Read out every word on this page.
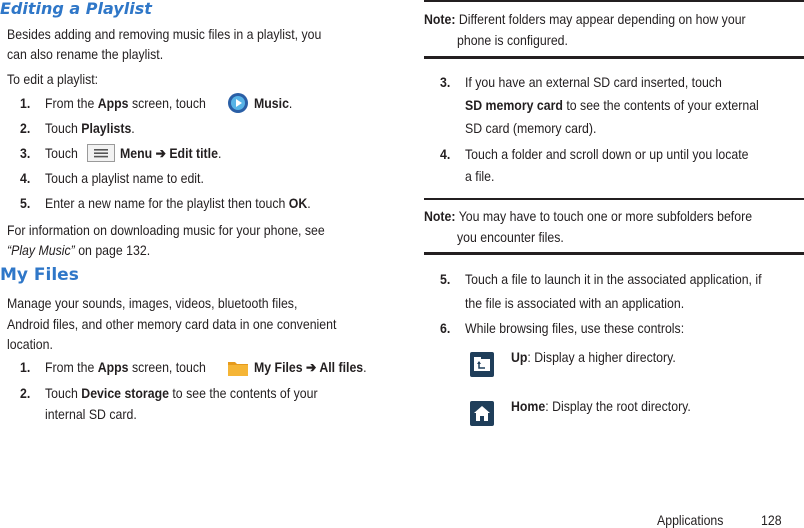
Editing a Playlist
Besides adding and removing music files in a playlist, you
can also rename the playlist.
To edit a playlist:
1. From the Apps screen, touch	Music.
2. Touch Playlists.
3. Touch	Menu ➔ Edit title.
4. Touch a playlist name to edit.
5. Enter a new name for the playlist then touch OK.
For information on downloading music for your phone, see
“Play Music” on page 132.
My Files
Manage your sounds, images, videos, bluetooth files,
Android files, and other memory card data in one convenient
location.
1. From the Apps screen, touch	My Files ➔ All files.
2. Touch Device storage to see the contents of your
internal SD card.
Note: Different folders may appear depending on how your
phone is configured.
3. If you have an external SD card inserted, touch
SD memory card to see the contents of your external
SD card (memory card).
4. Touch a folder and scroll down or up until you locate
a file.
Note: You may have to touch one or more subfolders before
you encounter files.
5. Touch a file to launch it in the associated application, if
the file is associated with an application.
6. While browsing files, use these controls:
Up: Display a higher directory.
Home: Display the root directory.
Applications	128
